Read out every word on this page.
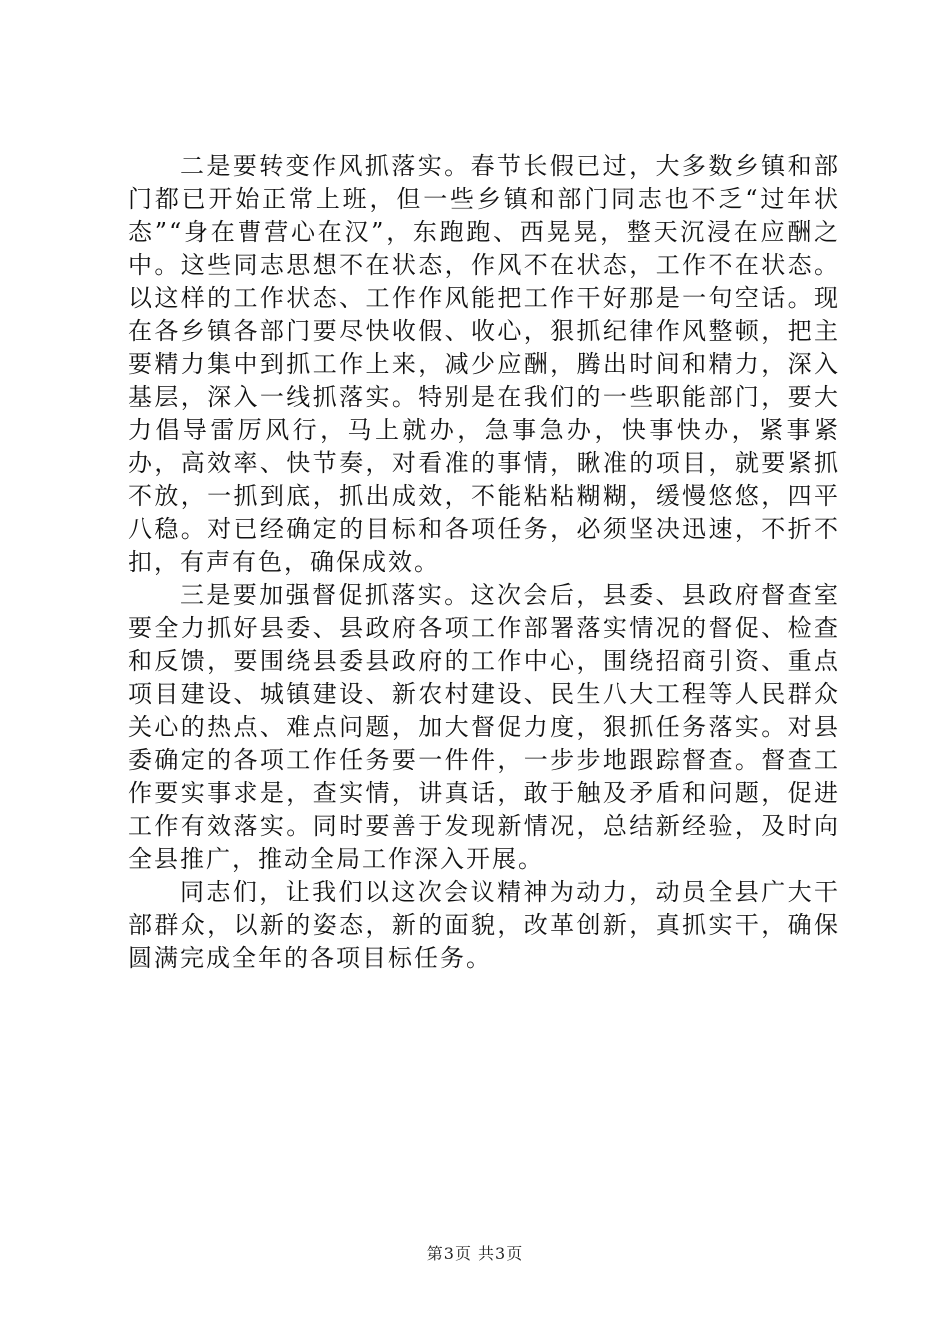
二是要转变作风抓落实。春节长假已过，大多数乡镇和部门都已开始正常上班，但一些乡镇和部门同志也不乏“过年状态”“身在曹营心在汉”，东跑跑、西晃晃，整天沉浸在应酬之中。这些同志思想不在状态，作风不在状态，工作不在状态。以这样的工作状态、工作作风能把工作干好那是一句空话。现在各乡镇各部门要尽快收假、收心，狠抓纪律作风整顿，把主要精力集中到抓工作上来，减少应酬，腾出时间和精力，深入基层，深入一线抓落实。特别是在我们的一些职能部门，要大力倡导雷厉风行，马上就办，急事急办，快事快办，紧事紧办，高效率、快节奏，对看准的事情，瞅准的项目，就要紧抓不放，一抓到底，抓出成效，不能粘粘糊糊，缓慢悠悠，四平八稳。对已经确定的目标和各项任务，必须坚决迅速，不折不扣，有声有色，确保成效。

三是要加强督促抓落实。这次会后，县委、县政府督查室要全力抓好县委、县政府各项工作部署落实情况的督促、检查和反馈，要围绕县委县政府的工作中心，围绕招商引资、重点项目建设、城镇建设、新农村建设、民生八大工程等人民群众关心的热点、难点问题，加大督促力度，狠抓任务落实。对县委确定的各项工作任务要一件件，一步步地跟踪督查。督查工作要实事求是，查实情，讲真话，敢于触及矛盾和问题，促进工作有效落实。同时要善于发现新情况，总结新经验，及时向全县推广，推动全局工作深入开展。

同志们，让我们以这次会议精神为动力，动员全县广大干部群众，以新的姿态，新的面貌，改革创新，真抓实干，确保圆满完成全年的各项目标任务。

第3页 共3页
